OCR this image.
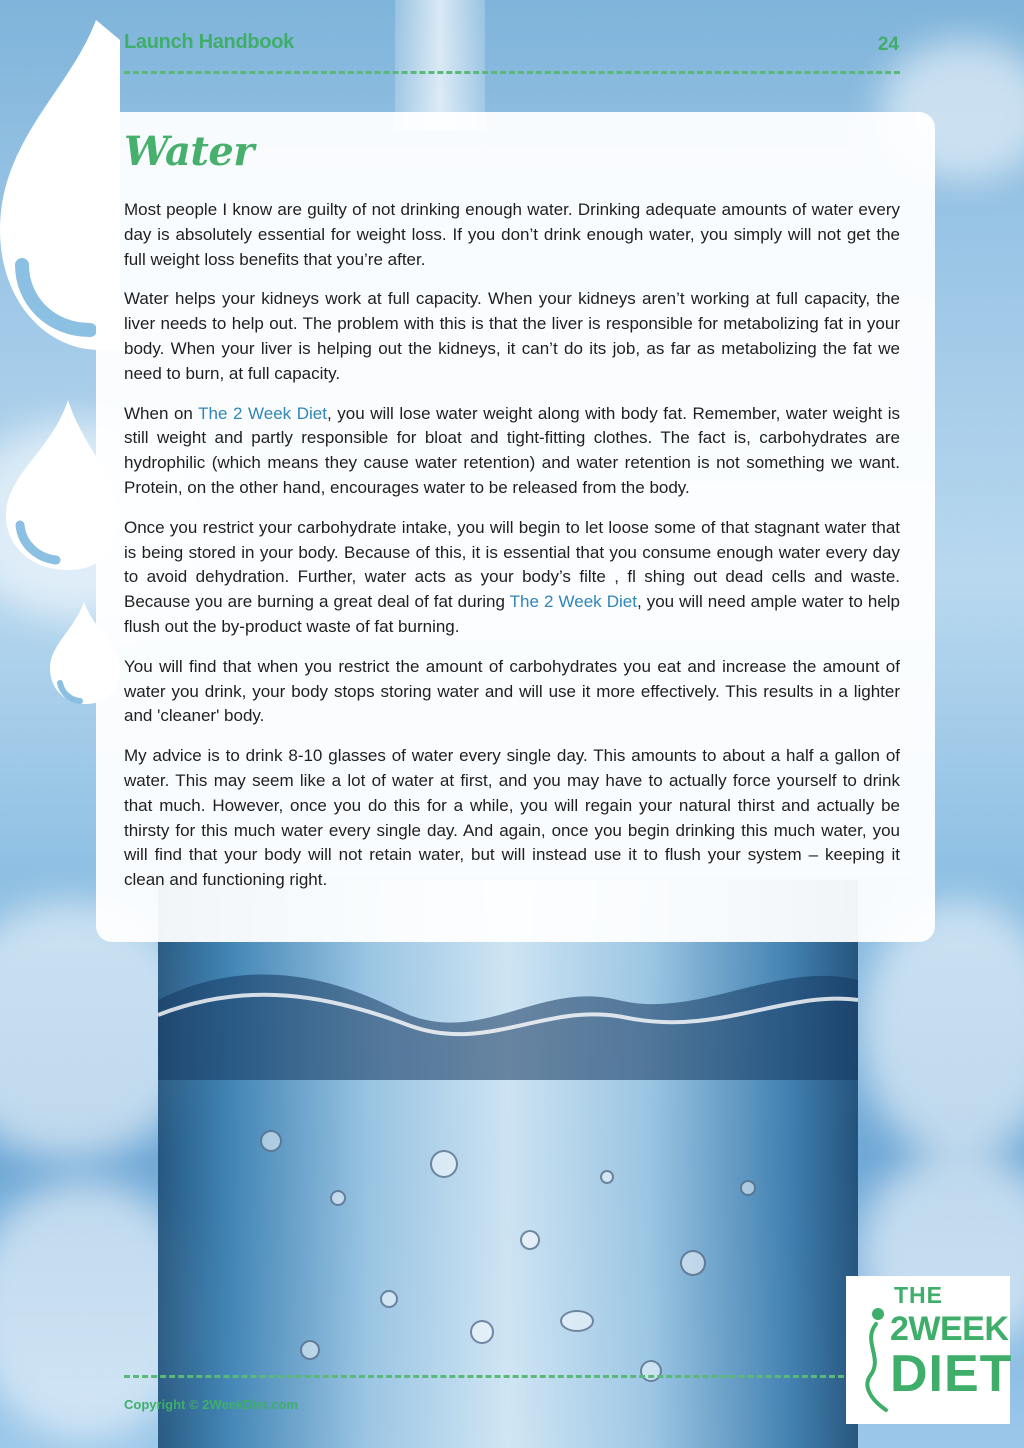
Launch Handbook	24
Water

Most people I know are guilty of not drinking enough water. Drinking adequate amounts of water every day is absolutely essential for weight loss. If you don’t drink enough water, you simply will not get the full weight loss benefits that you’re after.

Water helps your kidneys work at full capacity. When your kidneys aren’t working at full capacity, the liver needs to help out. The problem with this is that the liver is responsible for metabolizing fat in your body. When your liver is helping out the kidneys, it can’t do its job, as far as metabolizing the fat we need to burn, at full capacity.

When on The 2 Week Diet, you will lose water weight along with body fat. Remember, water weight is still weight and partly responsible for bloat and tight-fitting clothes. The fact is, carbohydrates are hydrophilic (which means they cause water retention) and water retention is not something we want. Protein, on the other hand, encourages water to be released from the body.

Once you restrict your carbohydrate intake, you will begin to let loose some of that stagnant water that is being stored in your body. Because of this, it is essential that you consume enough water every day to avoid dehydration. Further, water acts as your body’s filte , fl shing out dead cells and waste. Because you are burning a great deal of fat during The 2 Week Diet, you will need ample water to help flush out the by-product waste of fat burning.

You will find that when you restrict the amount of carbohydrates you eat and increase the amount of water you drink, your body stops storing water and will use it more effectively. This results in a lighter and 'cleaner' body.

My advice is to drink 8-10 glasses of water every single day. This amounts to about a half a gallon of water. This may seem like a lot of water at first, and you may have to actually force yourself to drink that much. However, once you do this for a while, you will regain your natural thirst and actually be thirsty for this much water every single day. And again, once you begin drinking this much water, you will find that your body will not retain water, but will instead use it to flush your system – keeping it clean and functioning right.

Copyright © 2WeekDiet.com
THE
2WEEK
DIET
